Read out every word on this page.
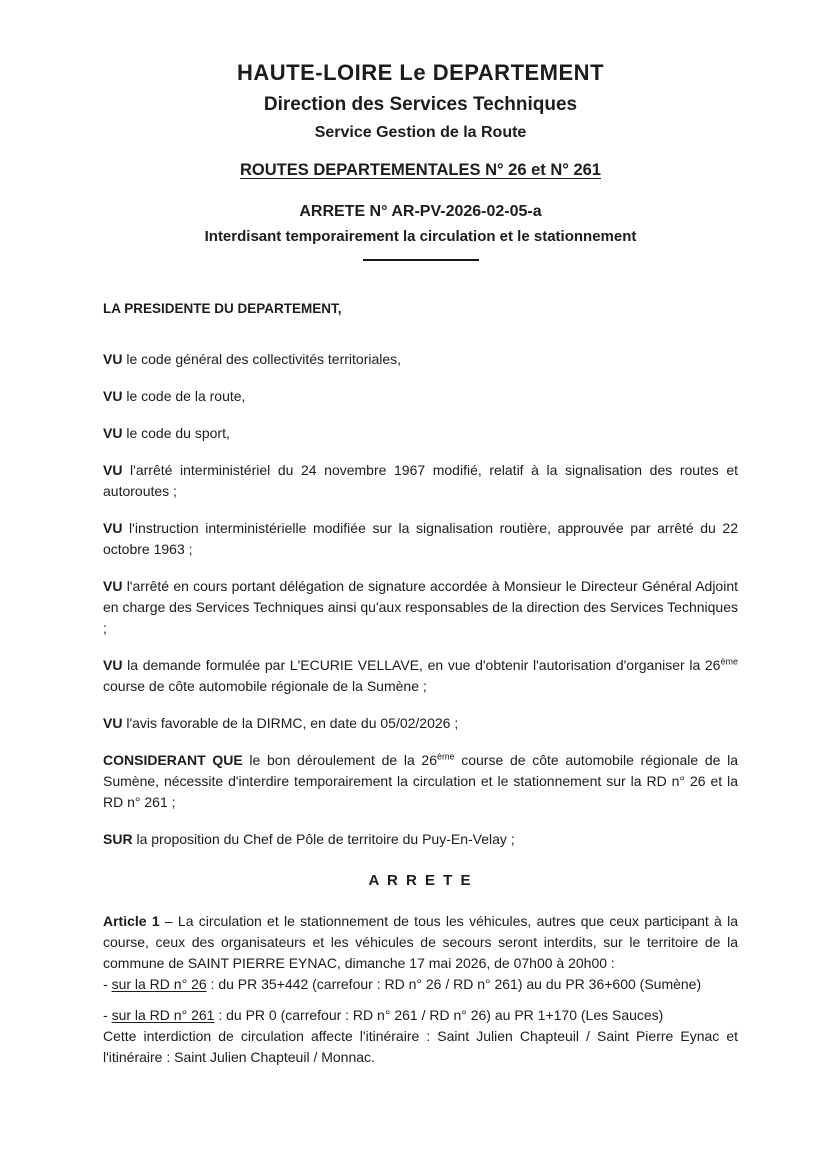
HAUTE-LOIRE Le DEPARTEMENT
Direction des Services Techniques
Service Gestion de la Route
ROUTES DEPARTEMENTALES N° 26 et N° 261
ARRETE N° AR-PV-2026-02-05-a
Interdisant temporairement la circulation et le stationnement
LA PRESIDENTE DU DEPARTEMENT,

VU le code général des collectivités territoriales,

VU le code de la route,

VU le code du sport,

VU l'arrêté interministériel du 24 novembre 1967 modifié, relatif à la signalisation des routes et autoroutes ;

VU l'instruction interministérielle modifiée sur la signalisation routière, approuvée par arrêté du 22 octobre 1963 ;

VU l'arrêté en cours portant délégation de signature accordée à Monsieur le Directeur Général Adjoint en charge des Services Techniques ainsi qu'aux responsables de la direction des Services Techniques ;

VU la demande formulée par L'ECURIE VELLAVE, en vue d'obtenir l'autorisation d'organiser la 26ème course de côte automobile régionale de la Sumène ;

VU l'avis favorable de la DIRMC, en date du 05/02/2026 ;

CONSIDERANT QUE le bon déroulement de la 26ème course de côte automobile régionale de la Sumène, nécessite d'interdire temporairement la circulation et le stationnement sur la RD n° 26 et la RD n° 261 ;

SUR la proposition du Chef de Pôle de territoire du Puy-En-Velay ;

A R R E T E

Article 1 – La circulation et le stationnement de tous les véhicules, autres que ceux participant à la course, ceux des organisateurs et les véhicules de secours seront interdits, sur le territoire de la commune de SAINT PIERRE EYNAC, dimanche 17 mai 2026, de 07h00 à 20h00 :

- sur la RD n° 26 : du PR 35+442 (carrefour : RD n° 26 / RD n° 261) au du PR 36+600 (Sumène)

- sur la RD n° 261 : du PR 0 (carrefour : RD n° 261 / RD n° 26) au PR 1+170 (Les Sauces)

Cette interdiction de circulation affecte l'itinéraire : Saint Julien Chapteuil / Saint Pierre Eynac et l'itinéraire : Saint Julien Chapteuil / Monnac.
